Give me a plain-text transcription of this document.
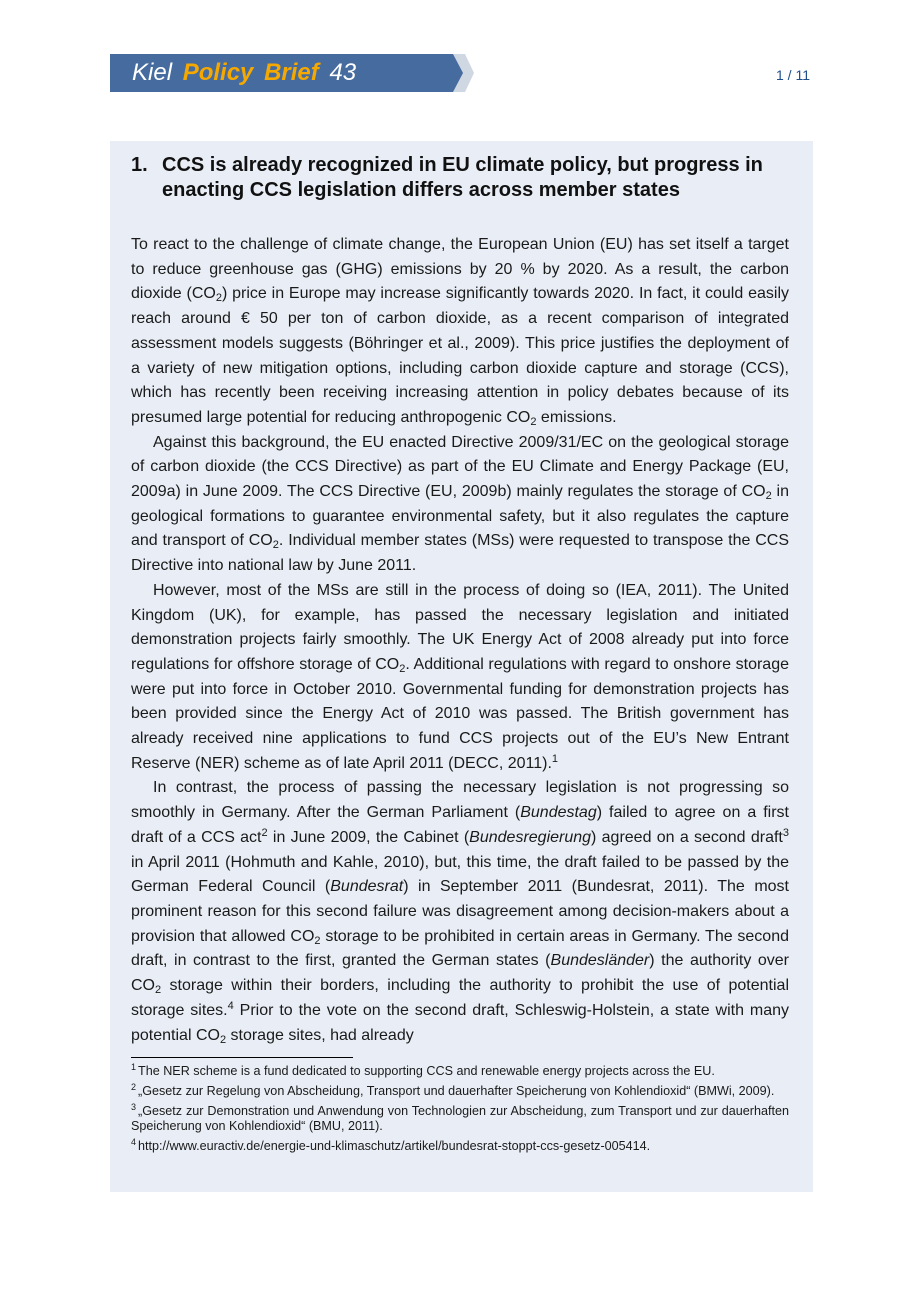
Kiel Policy Brief 43	1 / 11
1. CCS is already recognized in EU climate policy, but progress in enacting CCS legislation differs across member states

To react to the challenge of climate change, the European Union (EU) has set itself a target to reduce greenhouse gas (GHG) emissions by 20 % by 2020. As a result, the carbon dioxide $(CO_2)$ price in Europe may increase significantly towards 2020. In fact, it could easily reach around € 50 per ton of carbon dioxide, as a recent comparison of integrated assessment models suggests (Böhringer et al., 2009). This price justifies the deployment of a variety of new mitigation options, including carbon dioxide capture and storage (CCS), which has recently been receiving increasing attention in policy debates because of its presumed large potential for reducing anthropogenic $CO_2$ emissions.

Against this background, the EU enacted Directive 2009/31/EC on the geological storage of carbon dioxide (the CCS Directive) as part of the EU Climate and Energy Package (EU, 2009a) in June 2009. The CCS Directive (EU, 2009b) mainly regulates the storage of $CO_2$ in geological formations to guarantee environmental safety, but it also regulates the capture and transport of $CO_2$. Individual member states (MSs) were requested to transpose the CCS Directive into national law by June 2011.

However, most of the MSs are still in the process of doing so (IEA, 2011). The United Kingdom (UK), for example, has passed the necessary legislation and initiated demonstration projects fairly smoothly. The UK Energy Act of 2008 already put into force regulations for offshore storage of $CO_2$. Additional regulations with regard to onshore storage were put into force in October 2010. Governmental funding for demonstration projects has been provided since the Energy Act of 2010 was passed. The British government has already received nine applications to fund CCS projects out of the EU’s New Entrant Reserve (NER) scheme as of late April 2011 (DECC, 2011).$^1$

In contrast, the process of passing the necessary legislation is not progressing so smoothly in Germany. After the German Parliament (Bundestag) failed to agree on a first draft of a CCS act$^2$ in June 2009, the Cabinet (Bundesregierung) agreed on a second draft$^3$ in April 2011 (Hohmuth and Kahle, 2010), but, this time, the draft failed to be passed by the German Federal Council (Bundesrat) in September 2011 (Bundesrat, 2011). The most prominent reason for this second failure was disagreement among decision-makers about a provision that allowed $CO_2$ storage to be prohibited in certain areas in Germany. The second draft, in contrast to the first, granted the German states (Bundesländer) the authority over $CO_2$ storage within their borders, including the authority to prohibit the use of potential storage sites.$^4$ Prior to the vote on the second draft, Schleswig-Holstein, a state with many potential $CO_2$ storage sites, had already

$^1$ The NER scheme is a fund dedicated to supporting CCS and renewable energy projects across the EU.

$^2$ „Gesetz zur Regelung von Abscheidung, Transport und dauerhafter Speicherung von Kohlendioxid“ (BMWi, 2009).

$^3$ „Gesetz zur Demonstration und Anwendung von Technologien zur Abscheidung, zum Transport und zur dauerhaften Speicherung von Kohlendioxid“ (BMU, 2011).

$^4$ http://www.euractiv.de/energie-und-klimaschutz/artikel/bundesrat-stoppt-ccs-gesetz-005414.
